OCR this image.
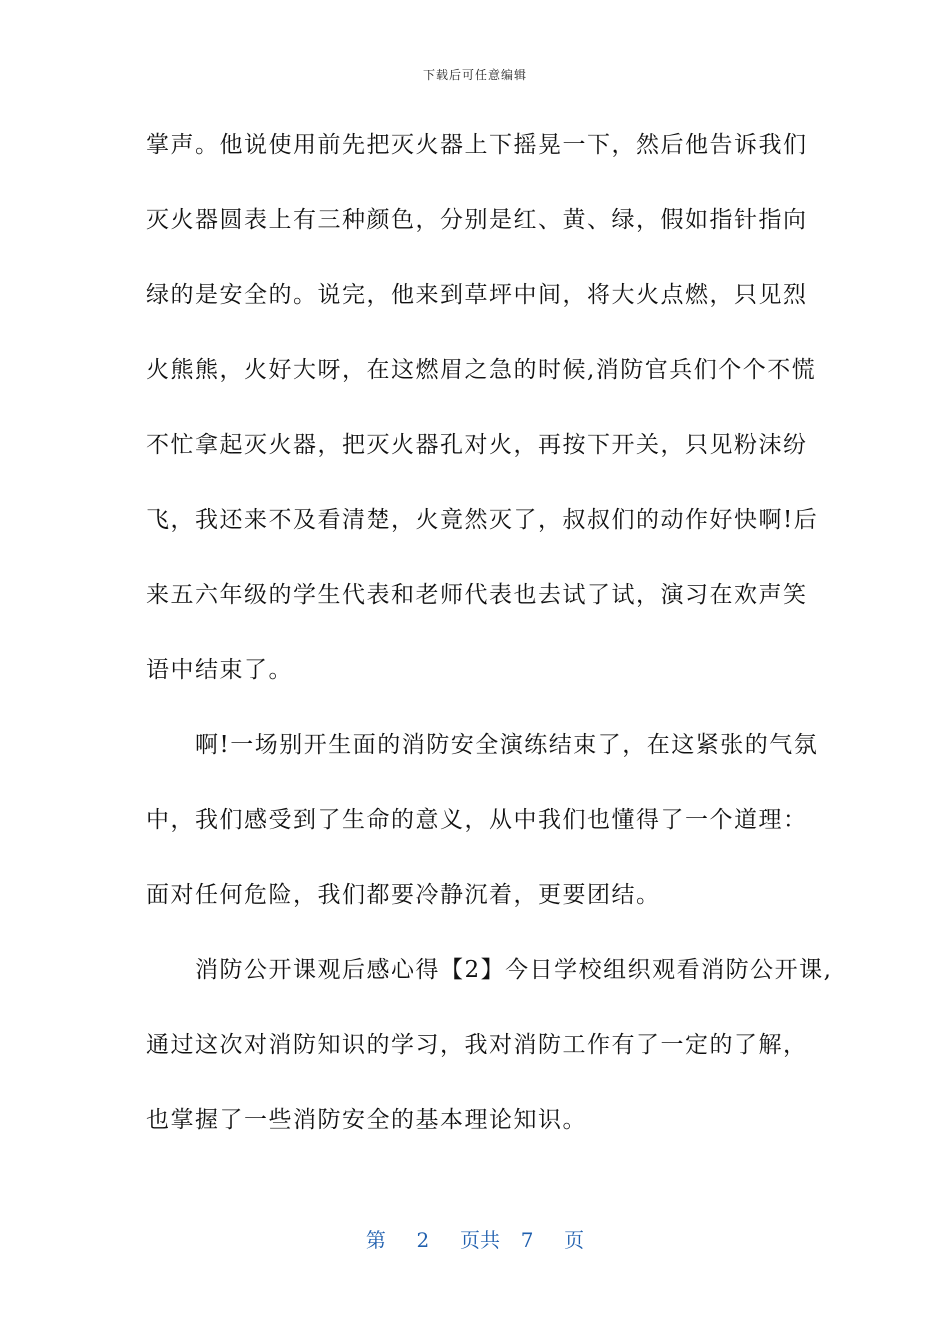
下载后可任意编辑
掌声。他说使用前先把灭火器上下摇晃一下，然后他告诉我们
灭火器圆表上有三种颜色，分别是红、黄、绿，假如指针指向
绿的是安全的。说完，他来到草坪中间，将大火点燃，只见烈
火熊熊，火好大呀，在这燃眉之急的时候,消防官兵们个个不慌
不忙拿起灭火器，把灭火器孔对火，再按下开关，只见粉沫纷
飞，我还来不及看清楚，火竟然灭了，叔叔们的动作好快啊!后
来五六年级的学生代表和老师代表也去试了试，演习在欢声笑
语中结束了。
　　啊!一场别开生面的消防安全演练结束了，在这紧张的气氛
中，我们感受到了生命的意义，从中我们也懂得了一个道理：
面对任何危险，我们都要冷静沉着，更要团结。
　　消防公开课观后感心得【2】今日学校组织观看消防公开课,
通过这次对消防知识的学习，我对消防工作有了一定的了解，
也掌握了一些消防安全的基本理论知识。
第 2 页共 7 页
